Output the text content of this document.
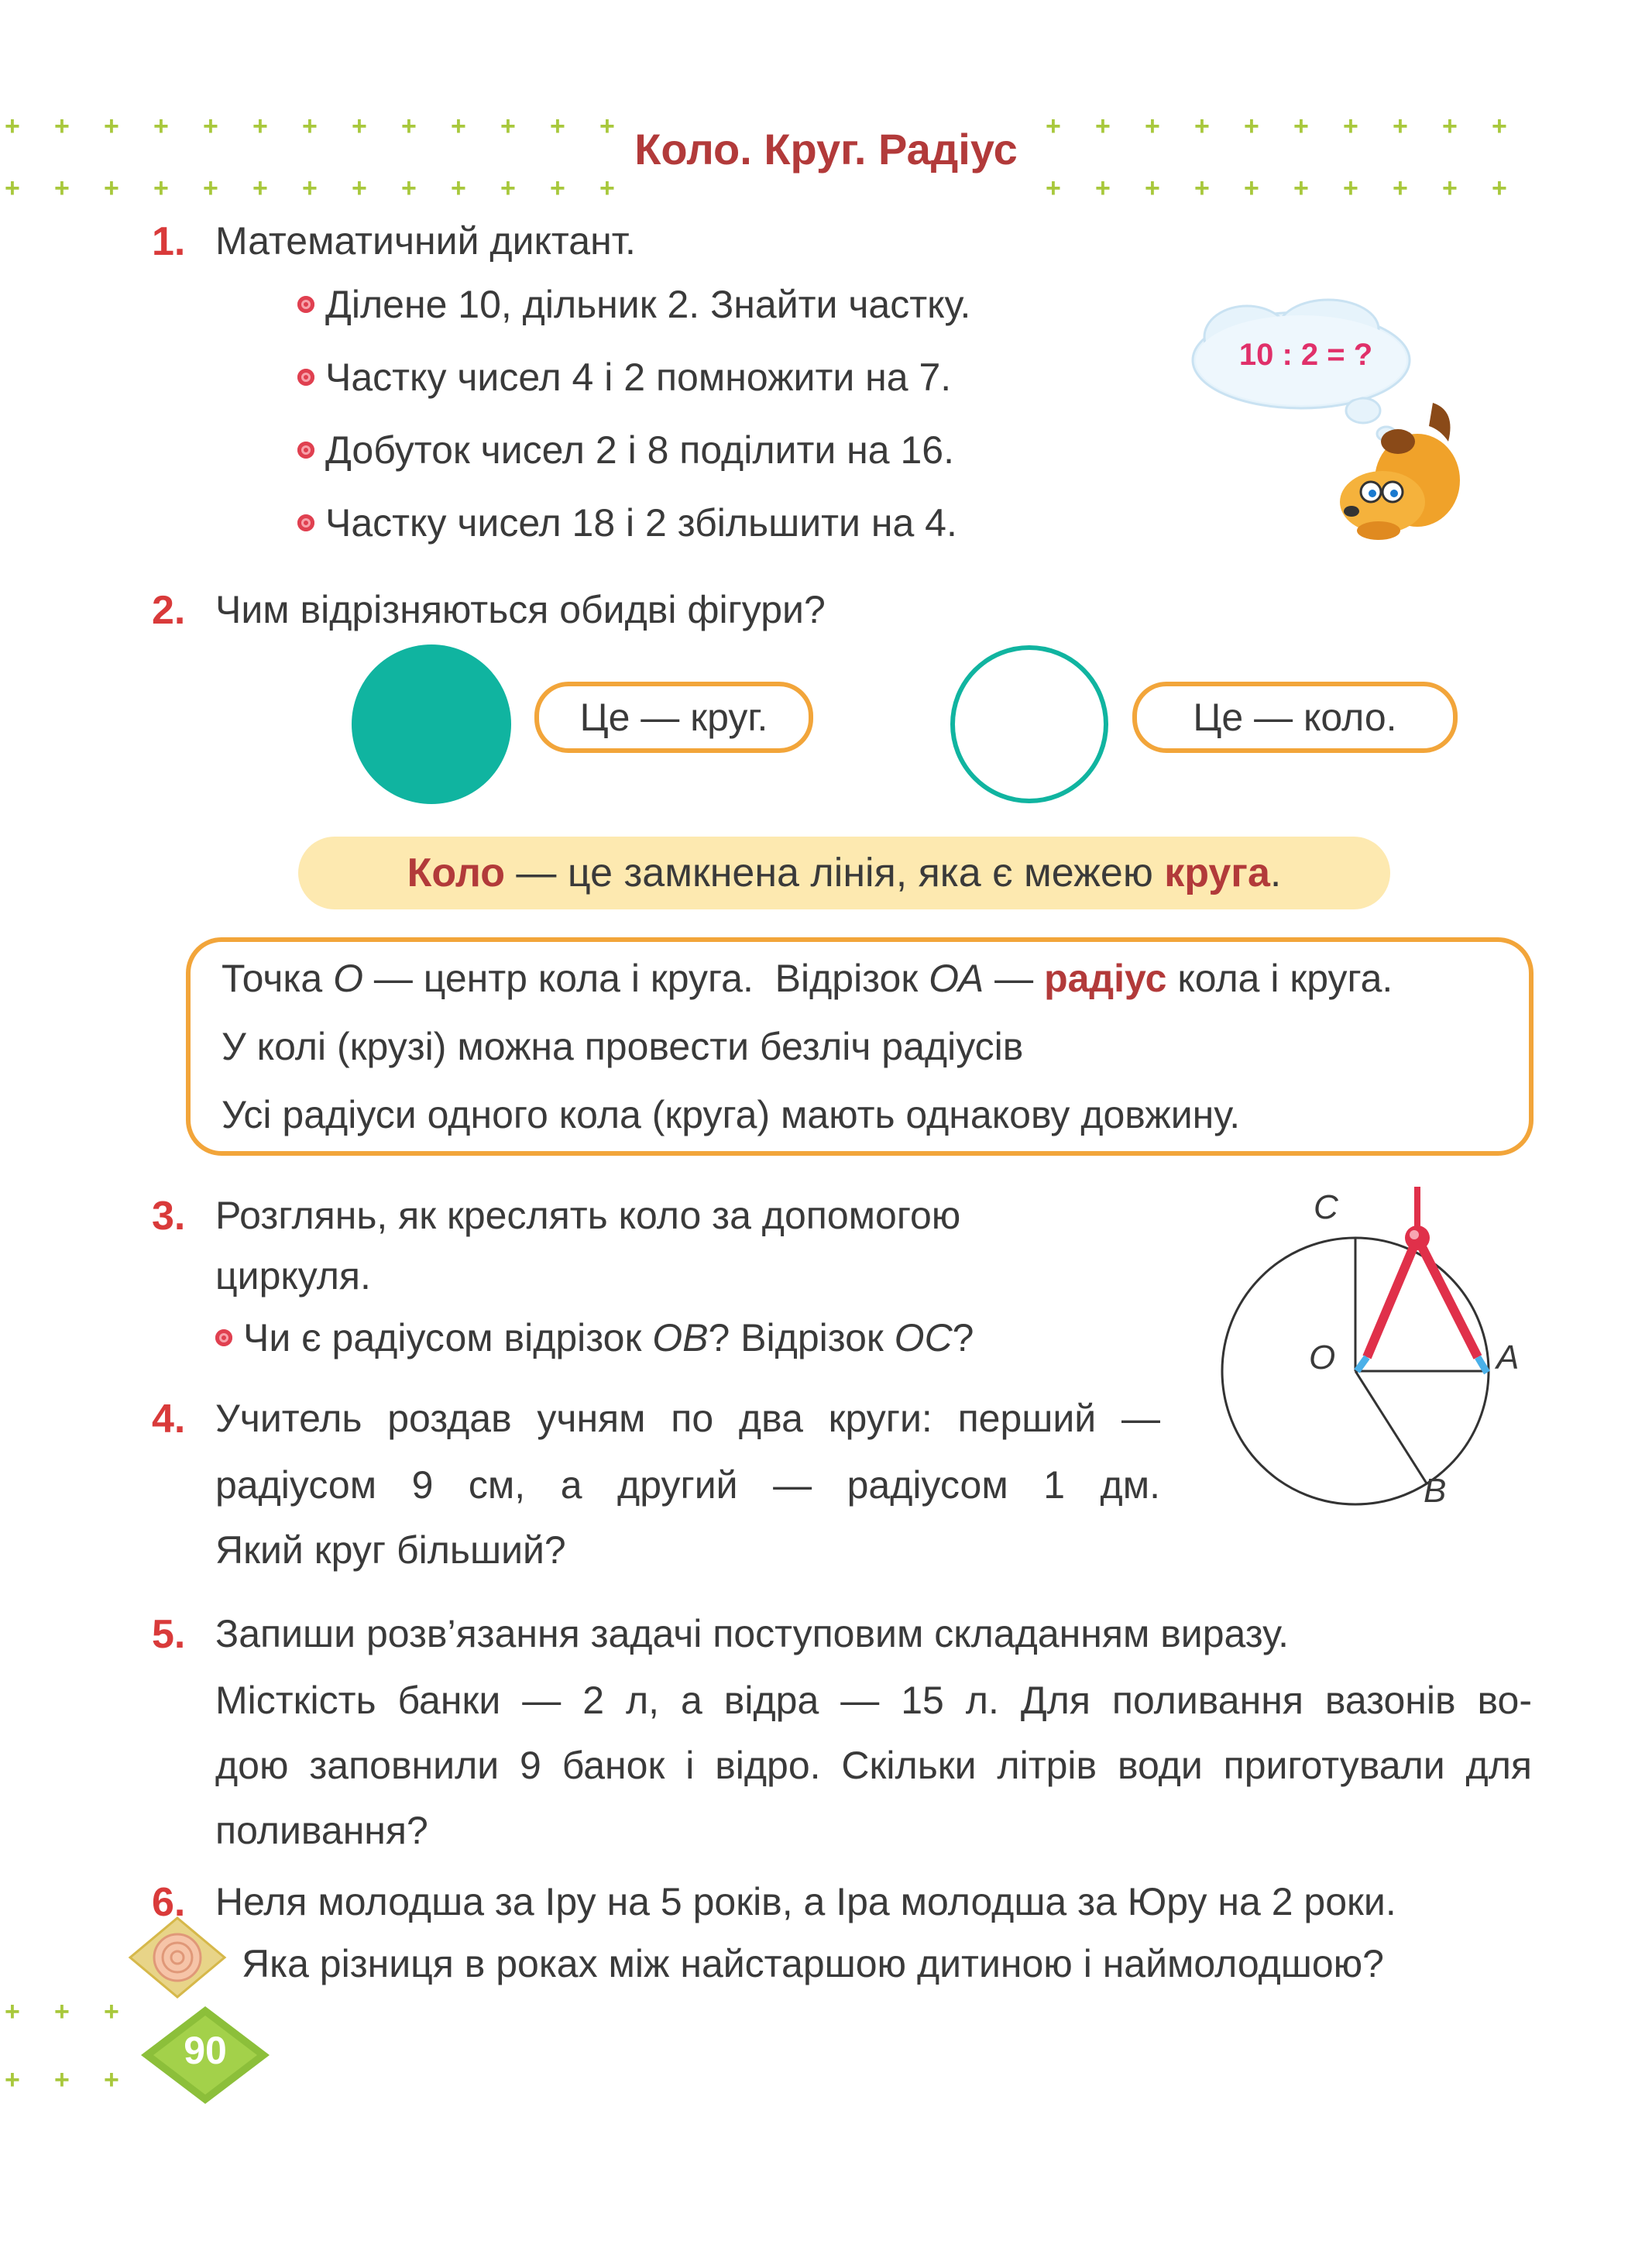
+ + + + + + + + + + + + +	+ + + + + + + + + +
+ + + + + + + + + + + + +	+ + + + + + + + + +
+ + +
+ + +
Коло. Круг. Радіус
1. Математичний диктант.
Ділене 10, дільник 2. Знайти частку.
Частку чисел 4 і 2 помножити на 7.
Добуток чисел 2 і 8 поділити на 16.
Частку чисел 18 і 2 збільшити на 4.
10 : 2 = ?
2. Чим відрізняються обидві фігури?
Це — круг.	Це — коло.
Коло — це замкнена лінія, яка є межею круга .
Точка О — центр кола і круга.  Відрізок ОА — радіус кола і круга.
У колі (крузі) можна провести безліч радіусів
Усі радіуси одного кола (круга) мають однакову довжину.
3. Розглянь, як креслять коло за допомогою
циркуля.
Чи є радіусом відрізок ОВ? Відрізок ОС?
C
O	A
B
4. Учитель роздав учням по два круги: перший —
радіусом 9 см, а другий — радіусом 1 дм.
Який круг більший?
5. Запиши розв’язання задачі поступовим складанням виразу.
Місткість банки — 2 л, а відра — 15 л. Для поливання вазонів во-
дою заповнили 9 банок і відро. Скільки літрів води приготували для
поливання?
6. Неля молодша за Іру на 5 років, а Іра молодша за Юру на 2 роки.
Яка різниця в роках між найстаршою дитиною і наймолодшою?
90
